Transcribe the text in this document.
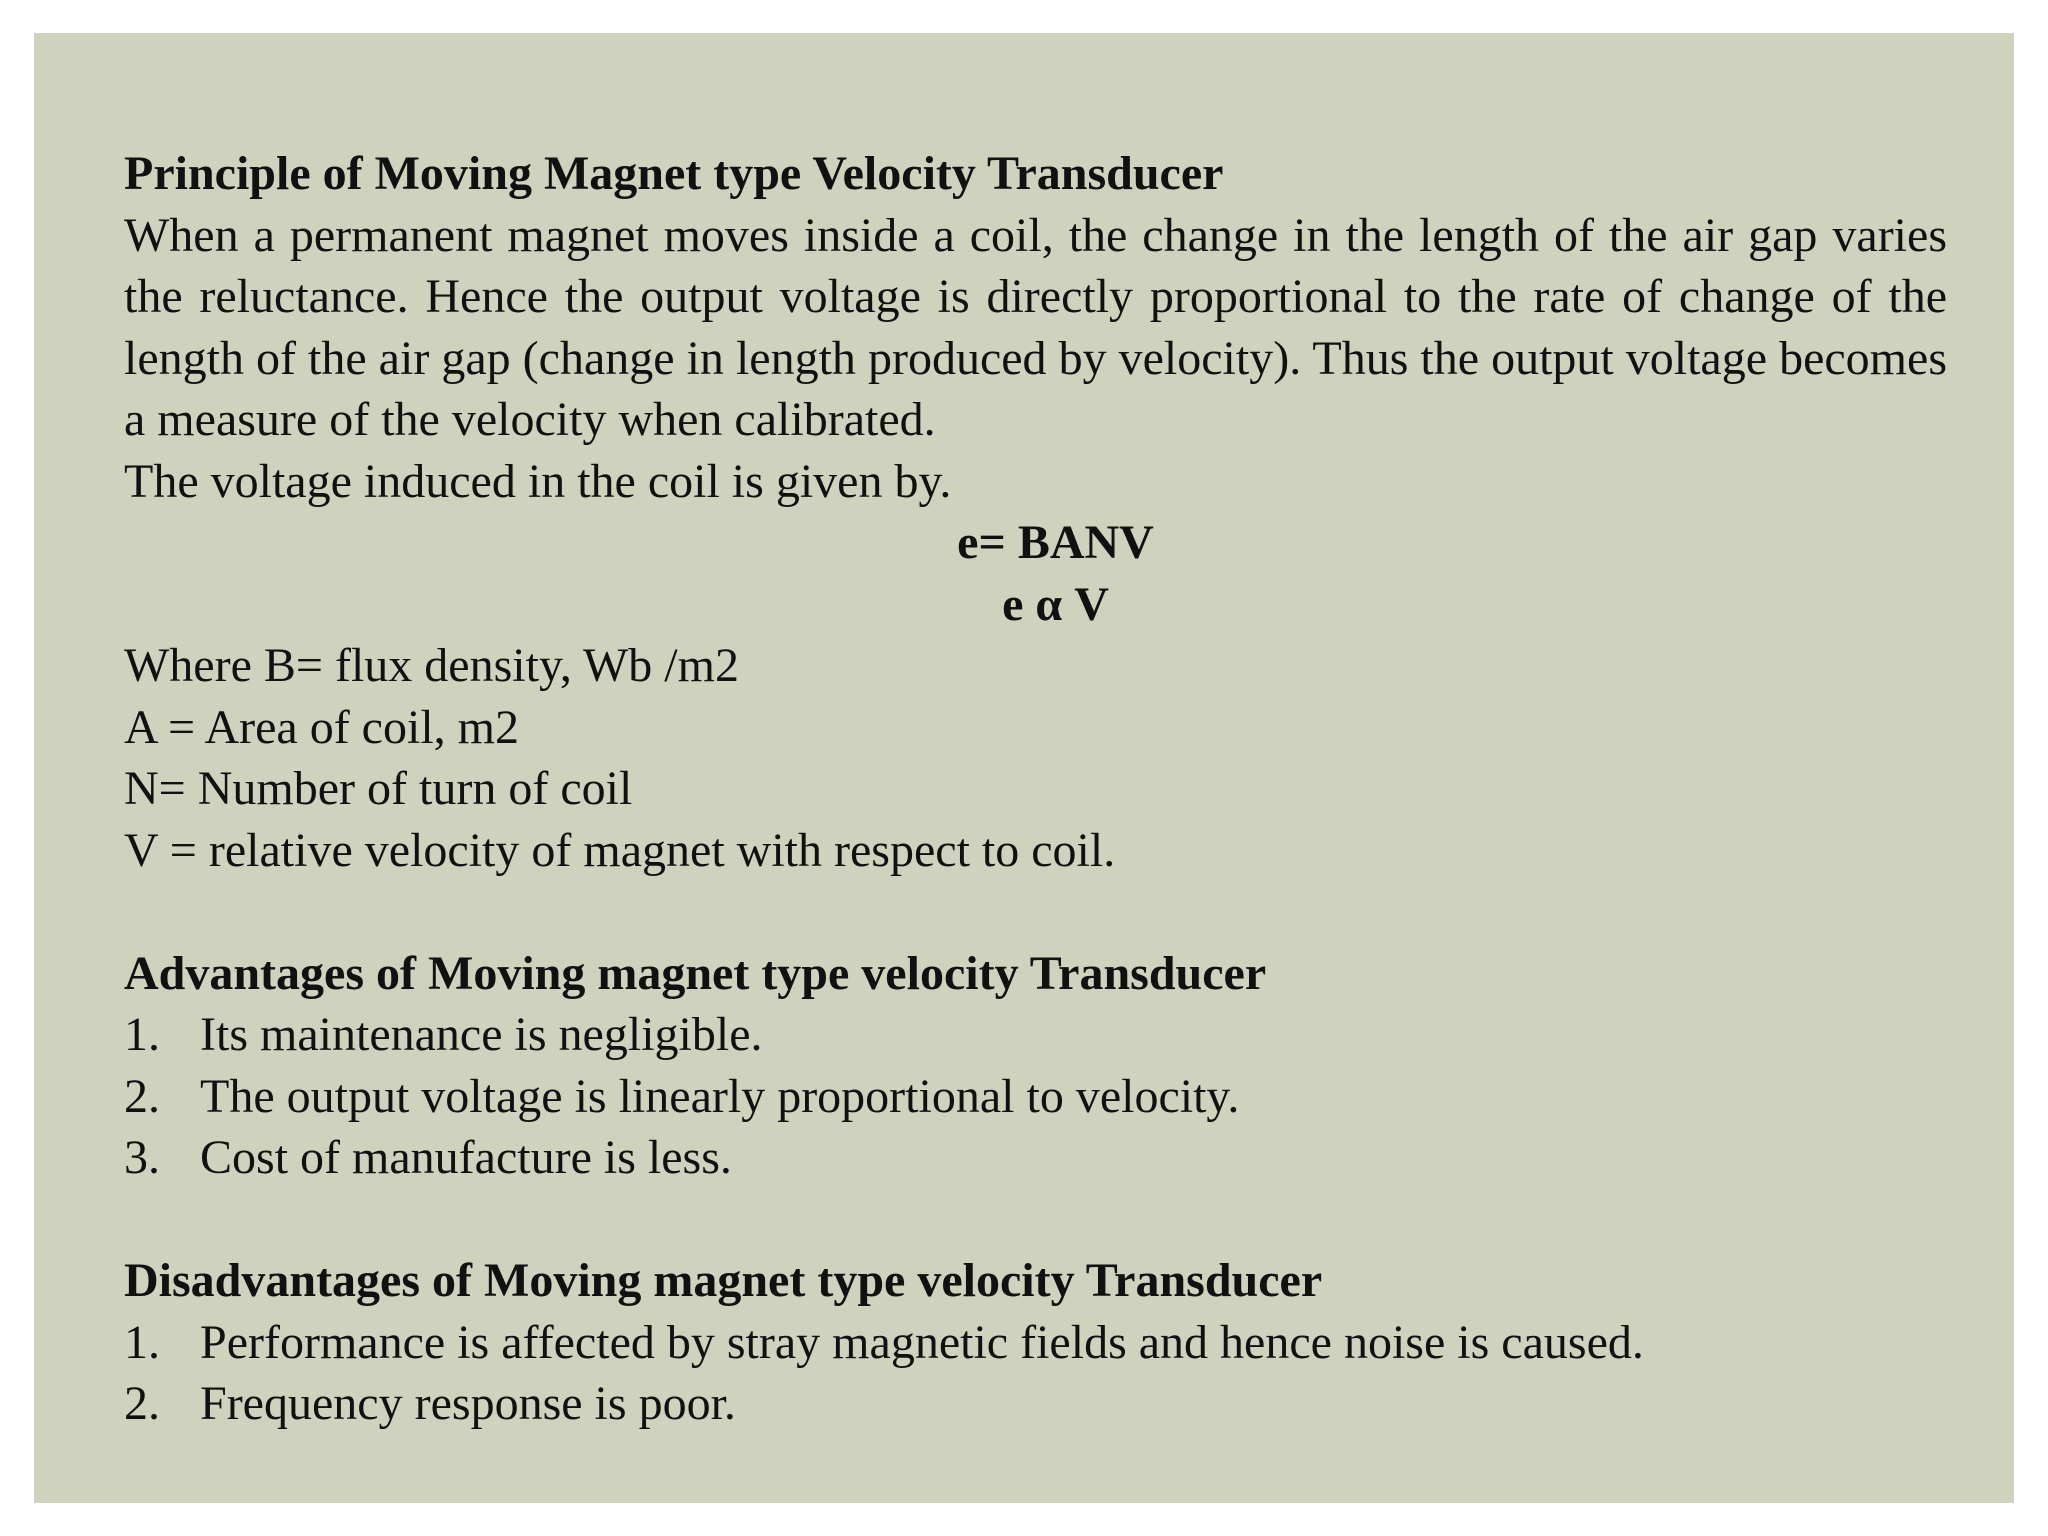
Principle of Moving Magnet type Velocity Transducer

When a permanent magnet moves inside a coil, the change in the length of the air gap varies the reluctance. Hence the output voltage is directly proportional to the rate of change of the length of the air gap (change in length produced by velocity). Thus the output voltage becomes a measure of the velocity when calibrated.

The voltage induced in the coil is given by.

e= BANV

e α V

Where B= flux density, Wb /m2

A = Area of coil, m2

N= Number of turn of coil

V = relative velocity of magnet with respect to coil.

Advantages of Moving magnet type velocity Transducer

1. Its maintenance is negligible.
2. The output voltage is linearly proportional to velocity.
3. Cost of manufacture is less.

Disadvantages of Moving magnet type velocity Transducer

1. Performance is affected by stray magnetic fields and hence noise is caused.
2. Frequency response is poor.
